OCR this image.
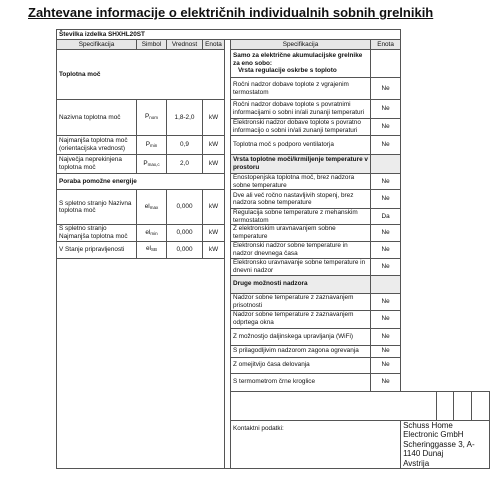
Zahtevane informacije o električnih individualnih sobnih grelnikih
Številka izdelka SHXHL20ST										
Specifikacija	Simbol	Vrednost	Enota		Specifikacija	Enota				
Toplotna moč					Samo za električne akumulacijske grelnike za eno sobo:
Vrsta regulacije oskrbe s toploto					

					Ročni nadzor dobave toplote z vgrajenim termostatom	Ne				
Nazivna toplotna moč	$P_{nom}$	1,8-2,0	kW		Ročni nadzor dobave toplote s povratnimi informacijami o sobni in/ali zunanji temperaturi	Ne				
					Elektronski nadzor dobave toplote s povratno informacijo o sobni in/ali zunanji temperaturi	Ne				
Najmanjša toplotna moč (orientacijska vrednost)	$P_{min}$	0,9	kW		Toplotna moč s podporo ventilatorja	Ne				
Največja neprekinjena toplotna moč	$P_{max,c}$	2,0	kW		Vrsta toplotne moči/krmiljenje temperature v prostoru					
Poraba pomožne energije					Enostopenjska toplotna moč, brez nadzora sobne temperature	Ne				
S spletno stranjo Nazivna toplotna moč	$el_{max}$	0,000	kW		Dve ali več ročno nastavljivih stopenj, brez nadzora sobne temperature	Ne				
					Regulacija sobne temperature z mehanskim termostatom	Da				
S spletno stranjo Najmanjša toplotna moč	$el_{min}$	0,000	kW		Z elektronskim uravnavanjem sobne temperature	Ne				
V Stanje pripravljenosti	$el_{SB}$	0,000	kW		Elektronski nadzor sobne temperature in nadzor dnevnega časa	Ne				
					Elektronsko uravnavanje sobne temperature in dnevni nadzor	Ne				
					Druge možnosti nadzora					
					Nadzor sobne temperature z zaznavanjem prisotnosti	Ne				
					Nadzor sobne temperature z zaznavanjem odprtega okna	Ne				
					Z možnostjo daljinskega upravljanja (WiFi)	Ne				
					S prilagodljivim nadzorom zagona ogrevanja	Ne				
					Z omejitvijo časa delovanja	Ne				
					S termometrom črne kroglice	Ne				

					Kontaktni podatki:		Schuss Home Electronic GmbH
Scheringgasse 3, A-1140 Dunaj
Avstrija			
